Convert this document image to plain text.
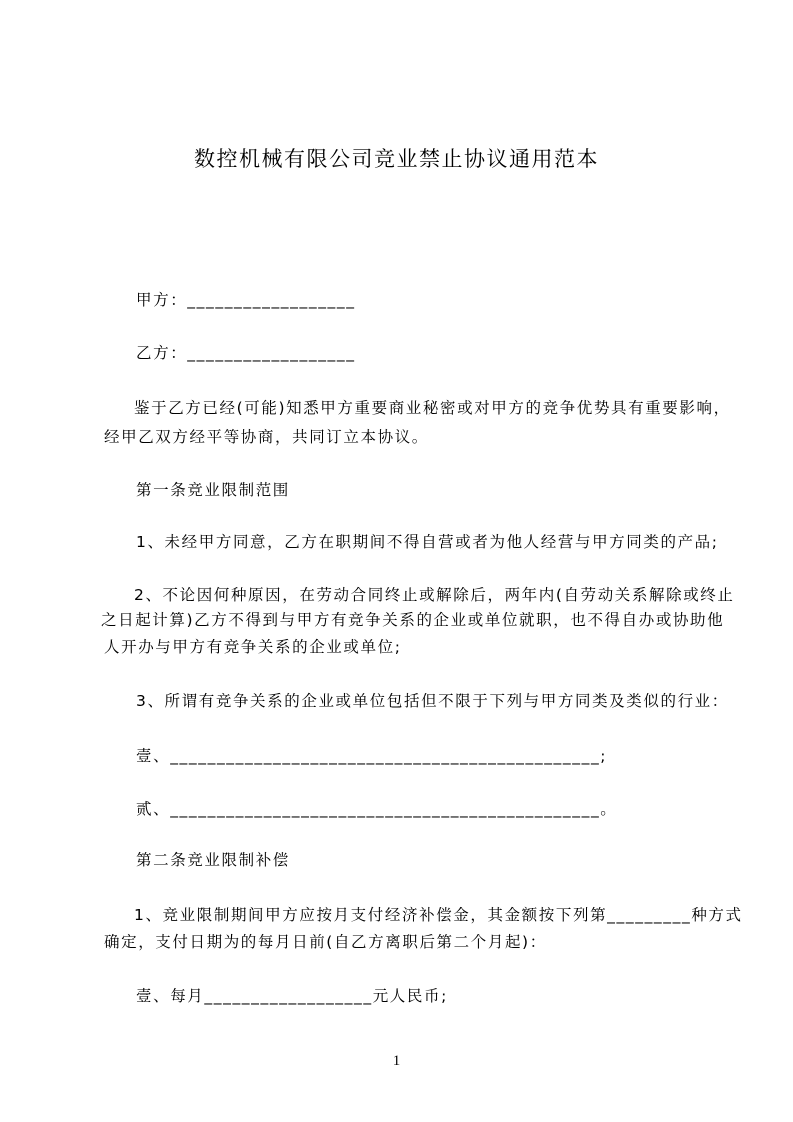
数控机械有限公司竞业禁止协议通用范本
甲方：__________________
乙方：__________________
鉴于乙方已经(可能)知悉甲方重要商业秘密或对甲方的竞争优势具有重要影响，
经甲乙双方经平等协商，共同订立本协议。
第一条竞业限制范围
1、未经甲方同意，乙方在职期间不得自营或者为他人经营与甲方同类的产品;
2、不论因何种原因，在劳动合同终止或解除后，两年内(自劳动关系解除或终止
之日起计算)乙方不得到与甲方有竞争关系的企业或单位就职，也不得自办或协助他
人开办与甲方有竞争关系的企业或单位;
3、所谓有竞争关系的企业或单位包括但不限于下列与甲方同类及类似的行业：
壹、______________________________________________;
贰、______________________________________________。
第二条竞业限制补偿
1、竞业限制期间甲方应按月支付经济补偿金，其金额按下列第_________种方式
确定，支付日期为的每月日前(自乙方离职后第二个月起)：
壹、每月__________________元人民币;
1
